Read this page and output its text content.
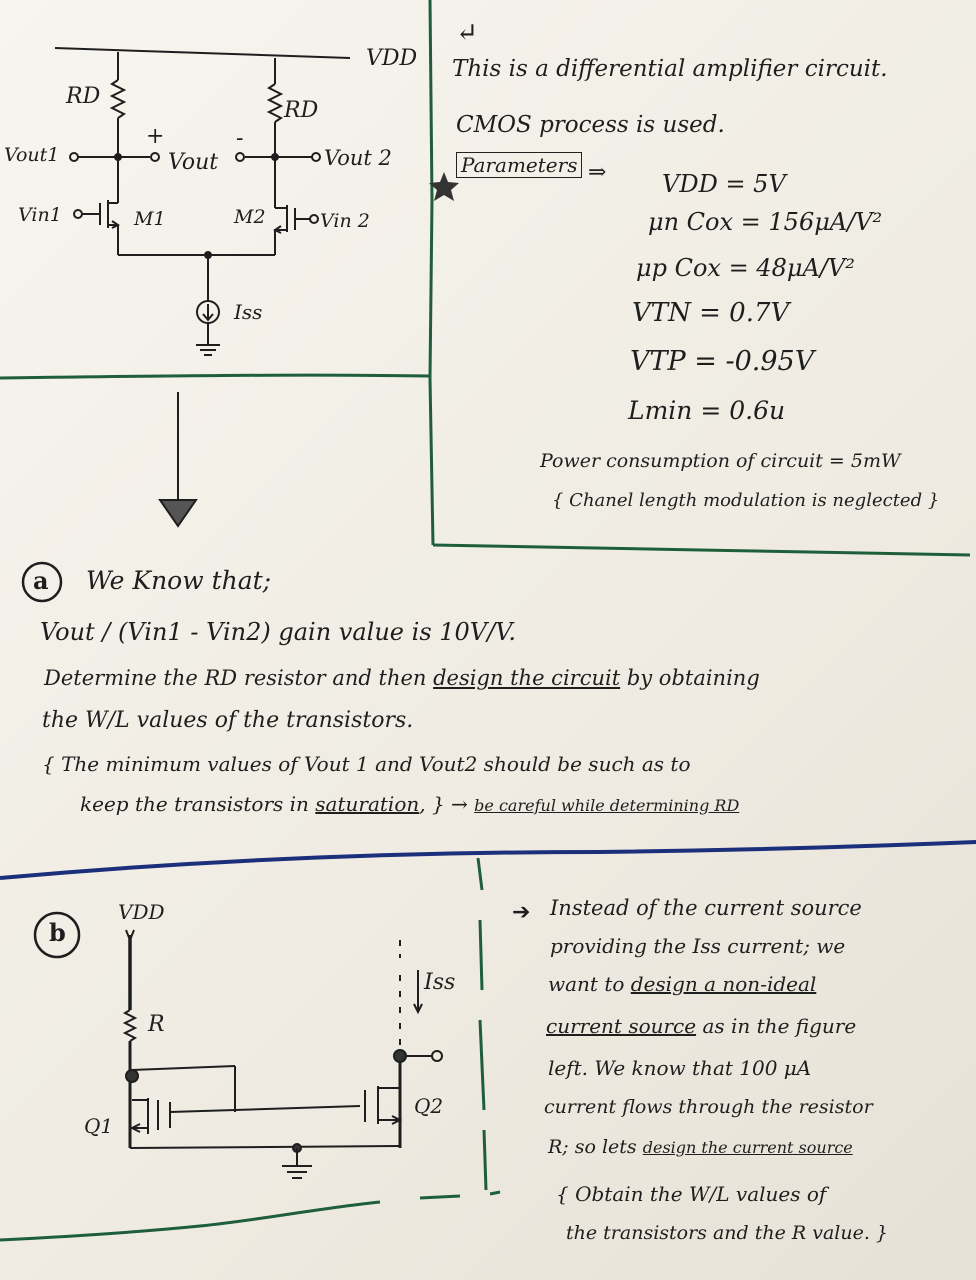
VDD
RD
RD
Vout1
+	-
Vout	Vout 2
Vin1	M1	M2	Vin 2
Iss
↵
This is a differential amplifier circuit.
CMOS process is used.
Parameters ⇒ VDD = 5V
μn Cox = 156μA/V²
μp Cox = 48μA/V²
VTN = 0.7V
VTP = -0.95V
Lmin = 0.6u
Power consumption of circuit = 5mW
{ Chanel length modulation is neglected }
a We Know that;
Vout / (Vin1 - Vin2) gain value is 10V/V.
Determine the RD resistor and then design the circuit by obtaining
the W/L values of the transistors.
{ The minimum values of Vout 1 and Vout2 should be such as to
keep the transistors in saturation, } → be careful while determining RD
b
VDD
R
Q1
Q2
Iss
➔ Instead of the current source
providing the Iss current; we
want to design a non-ideal
current source as in the figure
left. We know that 100 μA
current flows through the resistor
R; so lets design the current source
{ Obtain the W/L values of
the transistors and the R value. }
